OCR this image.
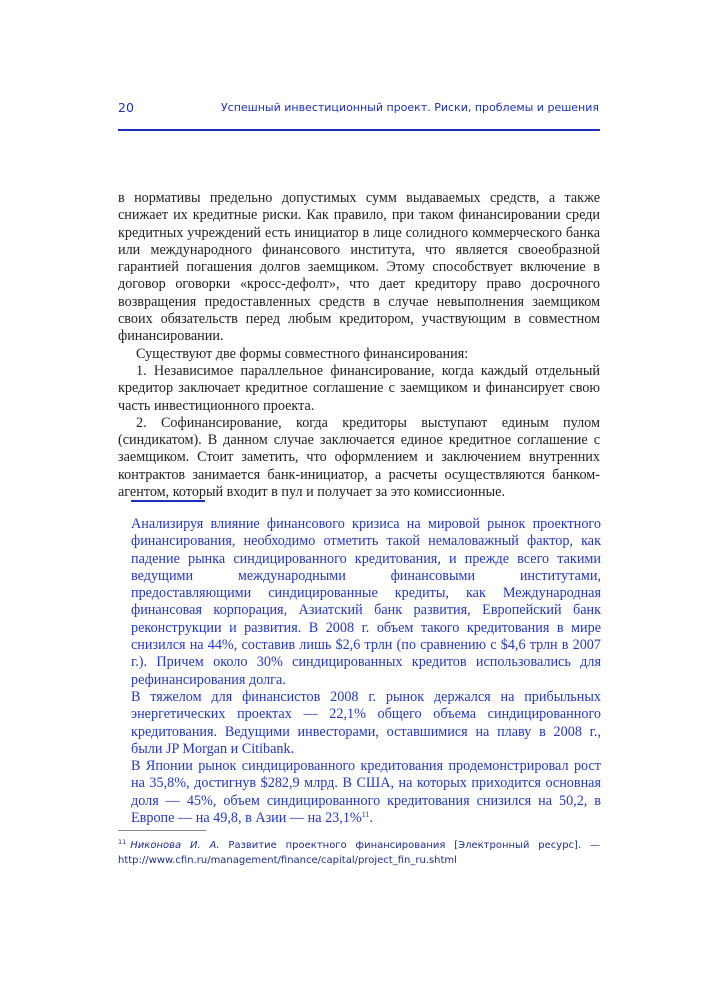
20	Успешный инвестиционный проект. Риски, проблемы и решения

в нормативы предельно допустимых сумм выдаваемых средств, а также снижает их кредитные риски. Как правило, при таком финансировании среди кредитных учреждений есть инициатор в лице солидного коммерческого банка или международного финансового института, что является своеобразной гарантией погашения долгов заемщиком. Этому способствует включение в договор оговорки «кросс-дефолт», что дает кредитору право досрочного возвращения предоставленных средств в случае невыполнения заемщиком своих обязательств перед любым кредитором, участвующим в совместном финансировании.

Существуют две формы совместного финансирования:

1. Независимое параллельное финансирование, когда каждый отдельный кредитор заключает кредитное соглашение с заемщиком и финансирует свою часть инвестиционного проекта.

2. Софинансирование, когда кредиторы выступают единым пулом (синдикатом). В данном случае заключается единое кредитное соглашение с заемщиком. Стоит заметить, что оформлением и заключением внутренних контрактов занимается банк-инициатор, а расчеты осуществляются банком-агентом, который входит в пул и получает за это комиссионные.

Анализируя влияние финансового кризиса на мировой рынок проектного финансирования, необходимо отметить такой немаловажный фактор, как падение рынка синдицированного кредитования, и прежде всего такими ведущими международными финансовыми институтами, предоставляющими синдицированные кредиты, как Международная финансовая корпорация, Азиатский банк развития, Европейский банк реконструкции и развития. В 2008 г. объем такого кредитования в мире снизился на 44%, составив лишь $2,6 трлн (по сравнению с $4,6 трлн в 2007 г.). Причем около 30% синдицированных кредитов использовались для рефинансирования долга.

В тяжелом для финансистов 2008 г. рынок держался на прибыльных энергетических проектах — 22,1% общего объема синдицированного кредитования. Ведущими инвесторами, оставшимися на плаву в 2008 г., были JP Morgan и Citibank.

В Японии рынок синдицированного кредитования продемонстрировал рост на 35,8%, достигнув $282,9 млрд. В США, на которых приходится основная доля — 45%, объем синдицированного кредитования снизился на 50,2, в Европе — на 49,8, в Азии — на 23,1%$^{11}$.

$^{11}$ Никонова И. А. Развитие проектного финансирования [Электронный ресурс]. — http://www.cfin.ru/management/finance/capital/project_fin_ru.shtml
